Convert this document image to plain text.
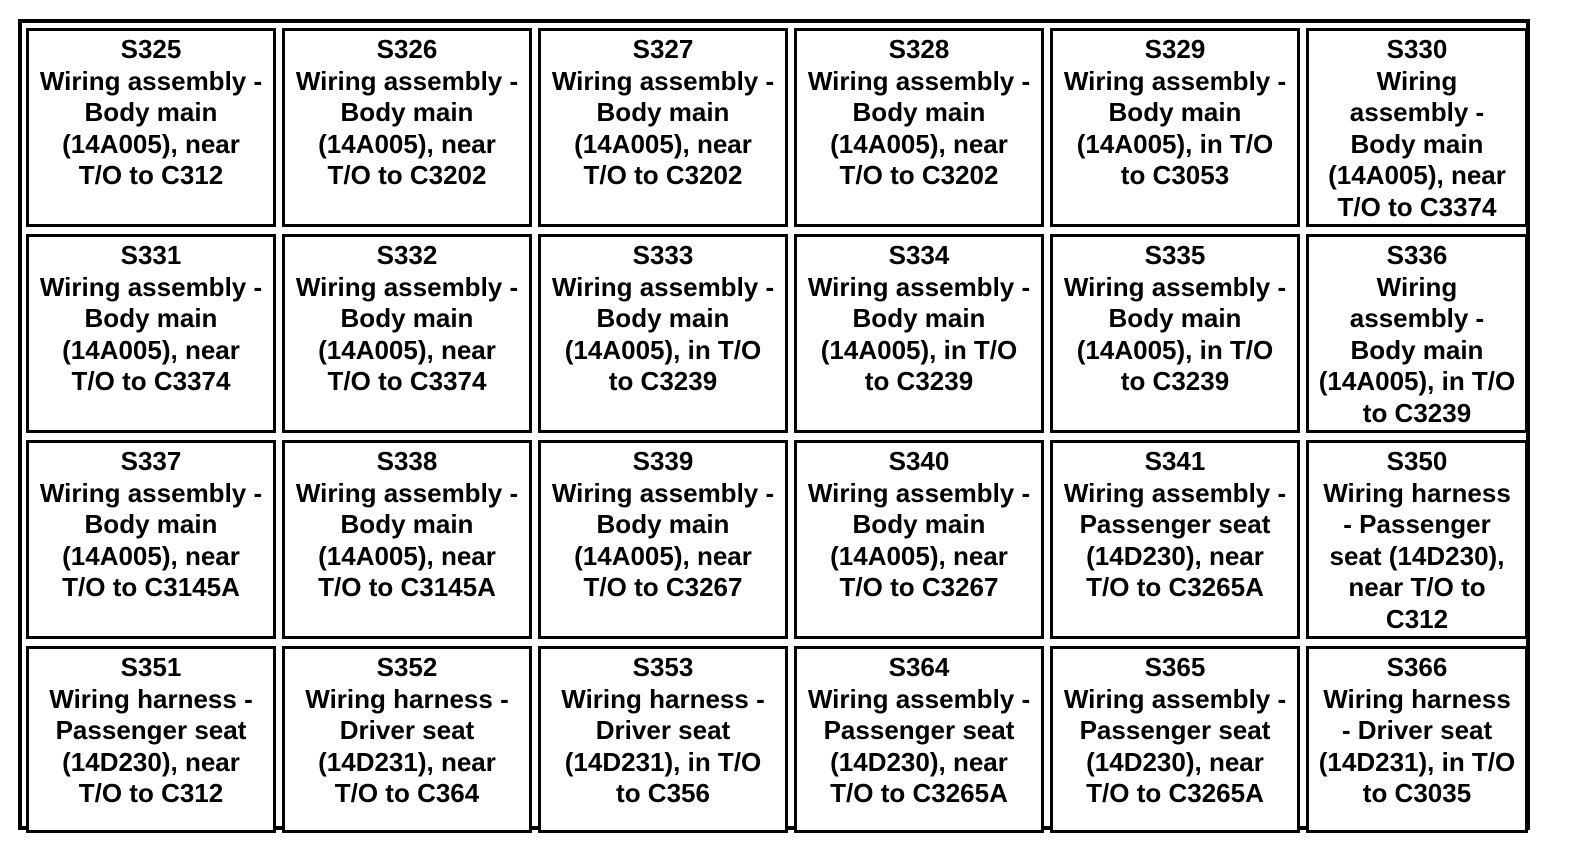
S325
Wiring assembly -
Body main
(14A005), near
T/O to C312
S326
Wiring assembly -
Body main
(14A005), near
T/O to C3202
S327
Wiring assembly -
Body main
(14A005), near
T/O to C3202
S328
Wiring assembly -
Body main
(14A005), near
T/O to C3202
S329
Wiring assembly -
Body main
(14A005), in T/O
to C3053
S330
Wiring
assembly -
Body main
(14A005), near
T/O to C3374
S331
Wiring assembly -
Body main
(14A005), near
T/O to C3374
S332
Wiring assembly -
Body main
(14A005), near
T/O to C3374
S333
Wiring assembly -
Body main
(14A005), in T/O
to C3239
S334
Wiring assembly -
Body main
(14A005), in T/O
to C3239
S335
Wiring assembly -
Body main
(14A005), in T/O
to C3239
S336
Wiring
assembly -
Body main
(14A005), in T/O
to C3239
S337
Wiring assembly -
Body main
(14A005), near
T/O to C3145A
S338
Wiring assembly -
Body main
(14A005), near
T/O to C3145A
S339
Wiring assembly -
Body main
(14A005), near
T/O to C3267
S340
Wiring assembly -
Body main
(14A005), near
T/O to C3267
S341
Wiring assembly -
Passenger seat
(14D230), near
T/O to C3265A
S350
Wiring harness
- Passenger
seat (14D230),
near T/O to
C312
S351
Wiring harness -
Passenger seat
(14D230), near
T/O to C312
S352
Wiring harness -
Driver seat
(14D231), near
T/O to C364
S353
Wiring harness -
Driver seat
(14D231), in T/O
to C356
S364
Wiring assembly -
Passenger seat
(14D230), near
T/O to C3265A
S365
Wiring assembly -
Passenger seat
(14D230), near
T/O to C3265A
S366
Wiring harness
- Driver seat
(14D231), in T/O
to C3035
